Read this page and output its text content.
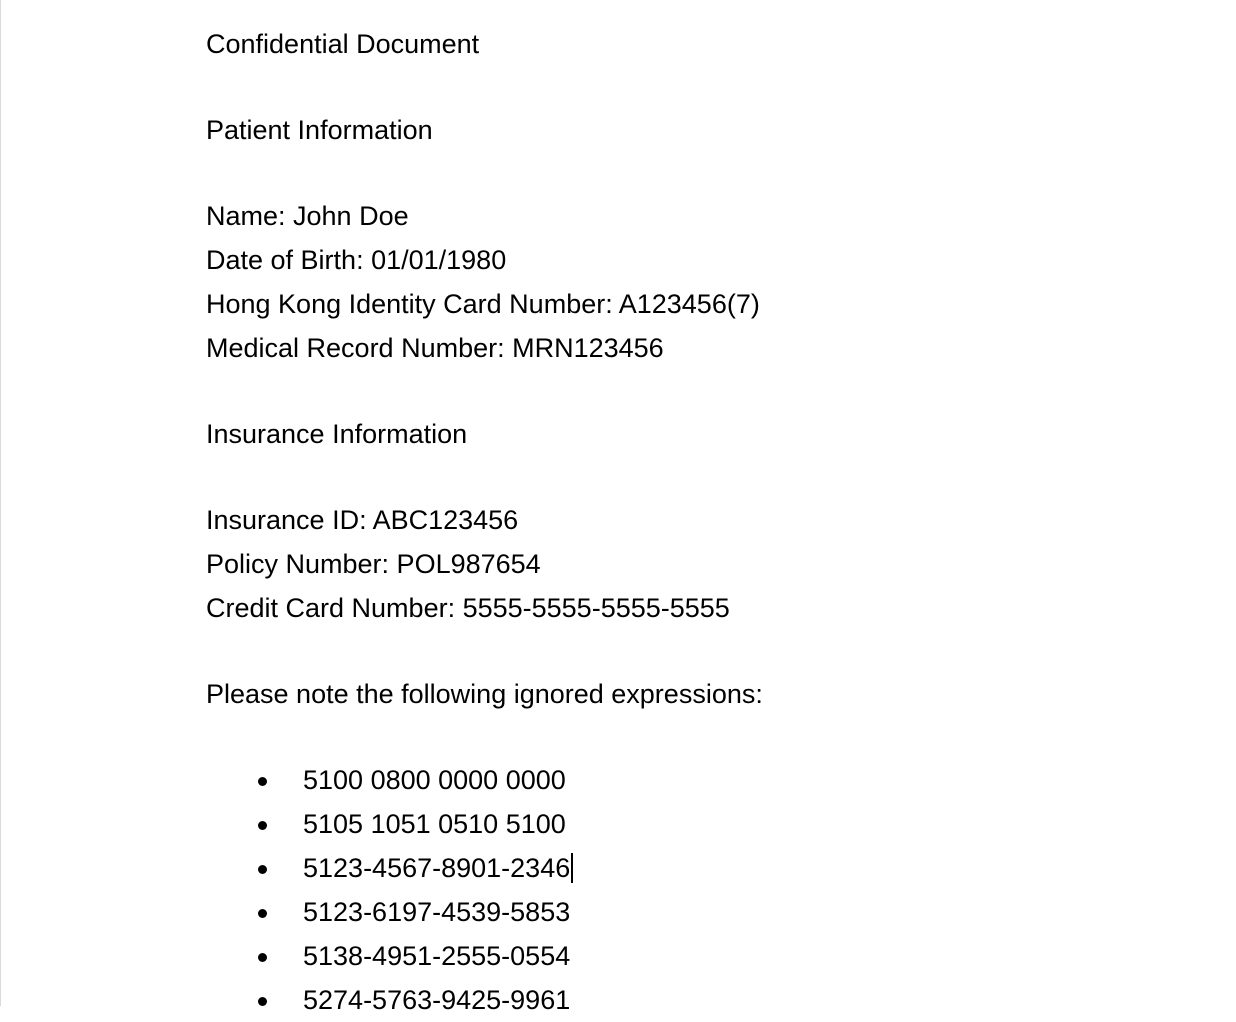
Confidential Document

Patient Information

Name: John Doe

Date of Birth: 01/01/1980

Hong Kong Identity Card Number: A123456(7)

Medical Record Number: MRN123456

Insurance Information

Insurance ID: ABC123456

Policy Number: POL987654

Credit Card Number: 5555-5555-5555-5555

Please note the following ignored expressions:

5100 0800 0000 0000
5105 1051 0510 5100
5123-4567-8901-2346
5123-6197-4539-5853
5138-4951-2555-0554
5274-5763-9425-9961
